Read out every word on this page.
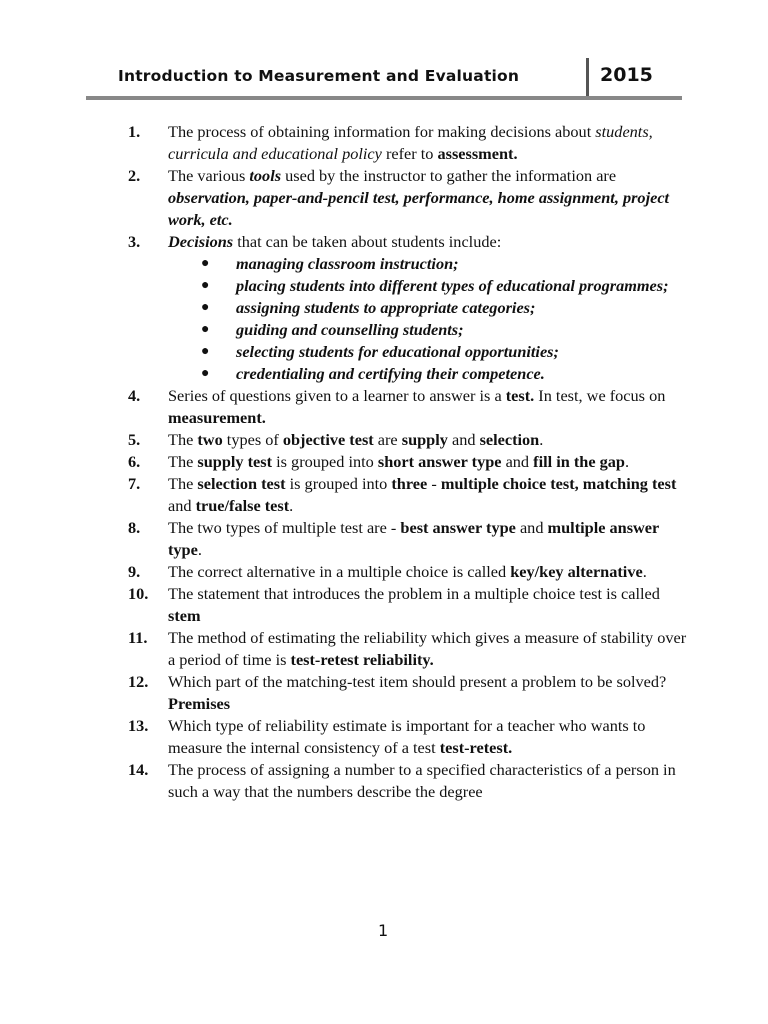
Introduction to Measurement and Evaluation	2015
1.	The process of obtaining information for making decisions about students, curricula and educational policy refer to assessment.
2.	The various tools used by the instructor to gather the information are observation, paper-and-pencil test, performance, home assignment, project work, etc.
3.	Decisions that can be taken about students include:
●	managing classroom instruction;
●	placing students into different types of educational programmes;
●	assigning students to appropriate categories;
●	guiding and counselling students;
●	selecting students for educational opportunities;
●	credentialing and certifying their competence.
4.	Series of questions given to a learner to answer is a test. In test, we focus on measurement.
5.	The two types of objective test are supply and selection.
6.	The supply test is grouped into short answer type and fill in the gap.
7.	The selection test is grouped into three - multiple choice test, matching test and true/false test.
8.	The two types of multiple test are - best answer type and multiple answer type.
9.	The correct alternative in a multiple choice is called key/key alternative.
10.	The statement that introduces the problem in a multiple choice test is called stem
11.	The method of estimating the reliability which gives a measure of stability over a period of time is test-retest reliability.
12.	Which part of the matching-test item should present a problem to be solved? Premises
13.	Which type of reliability estimate is important for a teacher who wants to measure the internal consistency of a test test-retest.
14.	The process of assigning a number to a specified characteristics of a person in such a way that the numbers describe the degree
1
